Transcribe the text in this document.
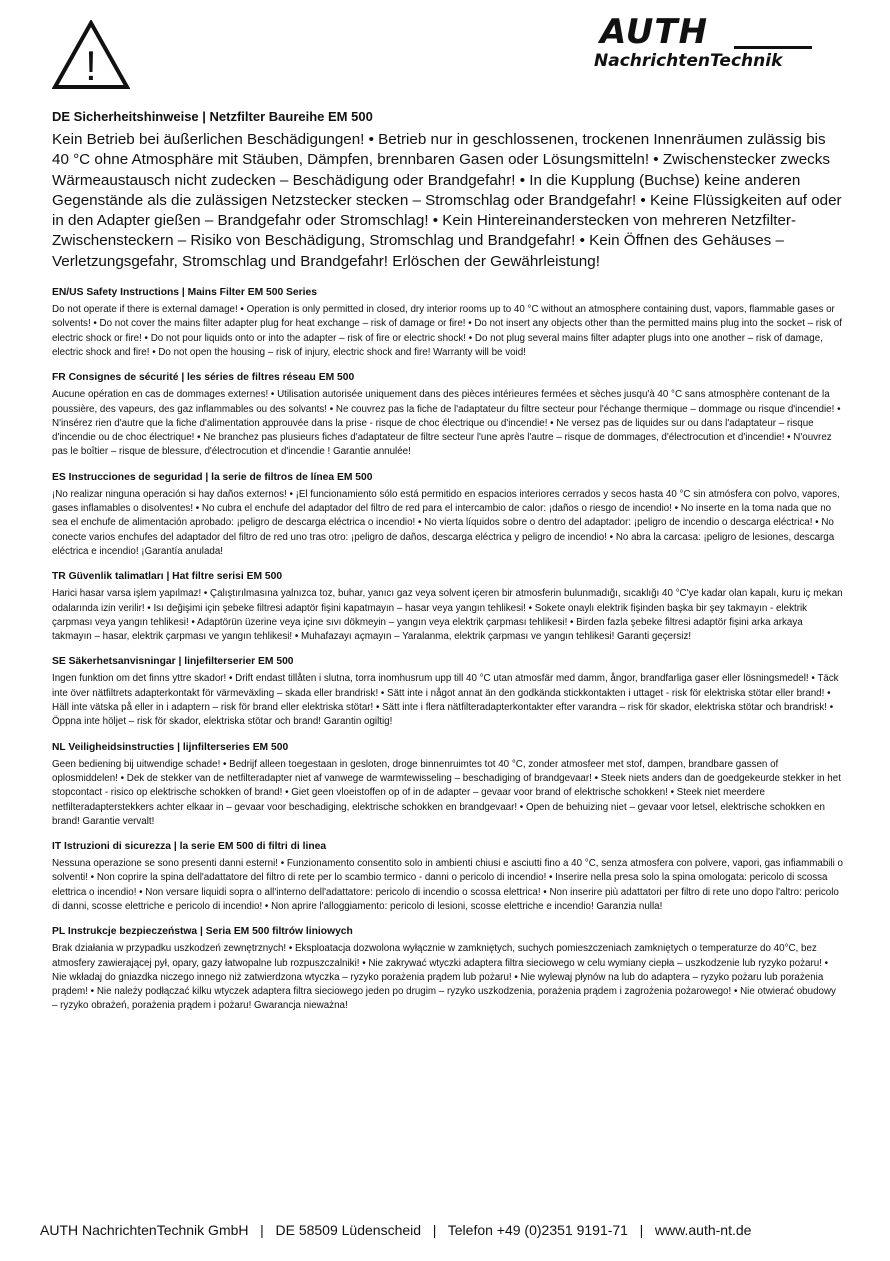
!
AUTH
NachrichtenTechnik
DE Sicherheitshinweise | Netzfilter Baureihe EM 500

Kein Betrieb bei äußerlichen Beschädigungen! • Betrieb nur in geschlossenen, trockenen Innenräumen zulässig bis 40 °C ohne Atmosphäre mit Stäuben, Dämpfen, brennbaren Gasen oder Lösungsmitteln! • Zwischenstecker zwecks Wärmeaustausch nicht zudecken – Beschädigung oder Brandgefahr! • In die Kupplung (Buchse) keine anderen Gegenstände als die zulässigen Netzstecker stecken – Stromschlag oder Brandgefahr! • Keine Flüssigkeiten auf oder in den Adapter gießen – Brandgefahr oder Stromschlag! • Kein Hintereinanderstecken von mehreren Netzfilter-Zwischensteckern – Risiko von Beschädigung, Stromschlag und Brandgefahr! • Kein Öffnen des Gehäuses – Verletzungsgefahr, Stromschlag und Brandgefahr! Erlöschen der Gewährleistung!

EN/US Safety Instructions | Mains Filter EM 500 Series

Do not operate if there is external damage! • Operation is only permitted in closed, dry interior rooms up to 40 °C without an atmosphere containing dust, vapors, flammable gases or solvents! • Do not cover the mains filter adapter plug for heat exchange – risk of damage or fire! • Do not insert any objects other than the permitted mains plug into the socket – risk of electric shock or fire! • Do not pour liquids onto or into the adapter – risk of fire or electric shock! • Do not plug several mains filter adapter plugs into one another – risk of damage, electric shock and fire! • Do not open the housing – risk of injury, electric shock and fire! Warranty will be void!

FR Consignes de sécurité | les séries de filtres réseau EM 500

Aucune opération en cas de dommages externes! • Utilisation autorisée uniquement dans des pièces intérieures fermées et sèches jusqu'à 40 °C sans atmosphère contenant de la poussière, des vapeurs, des gaz inflammables ou des solvants! • Ne couvrez pas la fiche de l'adaptateur du filtre secteur pour l'échange thermique – dommage ou risque d'incendie! • N'insérez rien d'autre que la fiche d'alimentation approuvée dans la prise - risque de choc électrique ou d'incendie! • Ne versez pas de liquides sur ou dans l'adaptateur – risque d'incendie ou de choc électrique! • Ne branchez pas plusieurs fiches d'adaptateur de filtre secteur l'une après l'autre – risque de dommages, d'électrocution et d'incendie! • N'ouvrez pas le boîtier – risque de blessure, d'électrocution et d'incendie ! Garantie annulée!

ES Instrucciones de seguridad | la serie de filtros de línea EM 500

¡No realizar ninguna operación si hay daños externos! • ¡El funcionamiento sólo está permitido en espacios interiores cerrados y secos hasta 40 °C sin atmósfera con polvo, vapores, gases inflamables o disolventes! • No cubra el enchufe del adaptador del filtro de red para el intercambio de calor: ¡daños o riesgo de incendio! • No inserte en la toma nada que no sea el enchufe de alimentación aprobado: ¡peligro de descarga eléctrica o incendio! • No vierta líquidos sobre o dentro del adaptador: ¡peligro de incendio o descarga eléctrica! • No conecte varios enchufes del adaptador del filtro de red uno tras otro: ¡peligro de daños, descarga eléctrica y peligro de incendio! • No abra la carcasa: ¡peligro de lesiones, descarga eléctrica e incendio! ¡Garantía anulada!

TR Güvenlik talimatları | Hat filtre serisi EM 500

Harici hasar varsa işlem yapılmaz! • Çalıştırılmasına yalnızca toz, buhar, yanıcı gaz veya solvent içeren bir atmosferin bulunmadığı, sıcaklığı 40 °C'ye kadar olan kapalı, kuru iç mekan odalarında izin verilir! • Isı değişimi için şebeke filtresi adaptör fişini kapatmayın – hasar veya yangın tehlikesi! • Sokete onaylı elektrik fişinden başka bir şey takmayın - elektrik çarpması veya yangın tehlikesi! • Adaptörün üzerine veya içine sıvı dökmeyin – yangın veya elektrik çarpması tehlikesi! • Birden fazla şebeke filtresi adaptör fişini arka arkaya takmayın – hasar, elektrik çarpması ve yangın tehlikesi! • Muhafazayı açmayın – Yaralanma, elektrik çarpması ve yangın tehlikesi! Garanti geçersiz!

SE Säkerhetsanvisningar | linjefilterserier EM 500

Ingen funktion om det finns yttre skador! • Drift endast tillåten i slutna, torra inomhusrum upp till 40 °C utan atmosfär med damm, ångor, brandfarliga gaser eller lösningsmedel! • Täck inte över nätfiltrets adapterkontakt för värmeväxling – skada eller brandrisk! • Sätt inte i något annat än den godkända stickkontakten i uttaget - risk för elektriska stötar eller brand! • Häll inte vätska på eller in i adaptern – risk för brand eller elektriska stötar! • Sätt inte i flera nätfilteradapterkontakter efter varandra – risk för skador, elektriska stötar och brandrisk! • Öppna inte höljet – risk för skador, elektriska stötar och brand! Garantin ogiltig!

NL Veiligheidsinstructies | lijnfilterseries EM 500

Geen bediening bij uitwendige schade! • Bedrijf alleen toegestaan in gesloten, droge binnenruimtes tot 40 °C, zonder atmosfeer met stof, dampen, brandbare gassen of oplosmiddelen! • Dek de stekker van de netfilteradapter niet af vanwege de warmtewisseling – beschadiging of brandgevaar! • Steek niets anders dan de goedgekeurde stekker in het stopcontact - risico op elektrische schokken of brand! • Giet geen vloeistoffen op of in de adapter – gevaar voor brand of elektrische schokken! • Steek niet meerdere netfilteradapterstekkers achter elkaar in – gevaar voor beschadiging, elektrische schokken en brandgevaar! • Open de behuizing niet – gevaar voor letsel, elektrische schokken en brand! Garantie vervalt!

IT Istruzioni di sicurezza | la serie EM 500 di filtri di linea

Nessuna operazione se sono presenti danni esterni! • Funzionamento consentito solo in ambienti chiusi e asciutti fino a 40 °C, senza atmosfera con polvere, vapori, gas infiammabili o solventi! • Non coprire la spina dell'adattatore del filtro di rete per lo scambio termico - danni o pericolo di incendio! • Inserire nella presa solo la spina omologata: pericolo di scossa elettrica o incendio! • Non versare liquidi sopra o all'interno dell'adattatore: pericolo di incendio o scossa elettrica! • Non inserire più adattatori per filtro di rete uno dopo l'altro: pericolo di danni, scosse elettriche e pericolo di incendio! • Non aprire l'alloggiamento: pericolo di lesioni, scosse elettriche e incendio! Garanzia nulla!

PL Instrukcje bezpieczeństwa | Seria EM 500 filtrów liniowych

Brak działania w przypadku uszkodzeń zewnętrznych! • Eksploatacja dozwolona wyłącznie w zamkniętych, suchych pomieszczeniach zamkniętych o temperaturze do 40°C, bez atmosfery zawierającej pył, opary, gazy łatwopalne lub rozpuszczalniki! • Nie zakrywać wtyczki adaptera filtra sieciowego w celu wymiany ciepła – uszkodzenie lub ryzyko pożaru! • Nie wkładaj do gniazdka niczego innego niż zatwierdzona wtyczka – ryzyko porażenia prądem lub pożaru! • Nie wylewaj płynów na lub do adaptera – ryzyko pożaru lub porażenia prądem! • Nie należy podłączać kilku wtyczek adaptera filtra sieciowego jeden po drugim – ryzyko uszkodzenia, porażenia prądem i zagrożenia pożarowego! • Nie otwierać obudowy – ryzyko obrażeń, porażenia prądem i pożaru! Gwarancja nieważna!

AUTH NachrichtenTechnik GmbH   |   DE 58509 Lüdenscheid   |   Telefon +49 (0)2351 9191-71   |   www.auth-nt.de
